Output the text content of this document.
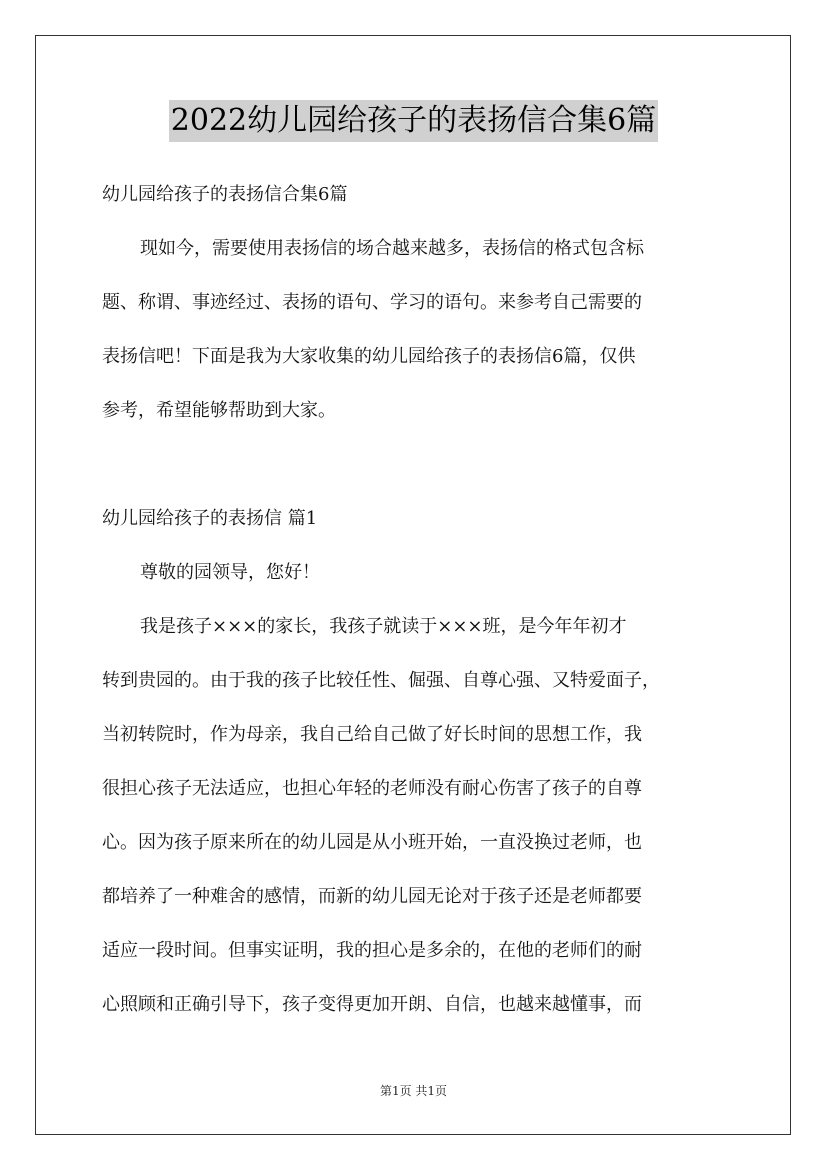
2022幼儿园给孩子的表扬信合集6篇
幼儿园给孩子的表扬信合集6篇
现如今，需要使用表扬信的场合越来越多，表扬信的格式包含标
题、称谓、事迹经过、表扬的语句、学习的语句。来参考自己需要的
表扬信吧！下面是我为大家收集的幼儿园给孩子的表扬信6篇，仅供
参考，希望能够帮助到大家。
幼儿园给孩子的表扬信 篇1
尊敬的园领导，您好！
我是孩子×××的家长，我孩子就读于×××班，是今年年初才
转到贵园的。由于我的孩子比较任性、倔强、自尊心强、又特爱面子，
当初转院时，作为母亲，我自己给自己做了好长时间的思想工作，我
很担心孩子无法适应，也担心年轻的老师没有耐心伤害了孩子的自尊
心。因为孩子原来所在的幼儿园是从小班开始，一直没换过老师，也
都培养了一种难舍的感情，而新的幼儿园无论对于孩子还是老师都要
适应一段时间。但事实证明，我的担心是多余的，在他的老师们的耐
心照顾和正确引导下，孩子变得更加开朗、自信，也越来越懂事，而
第1页 共1页
